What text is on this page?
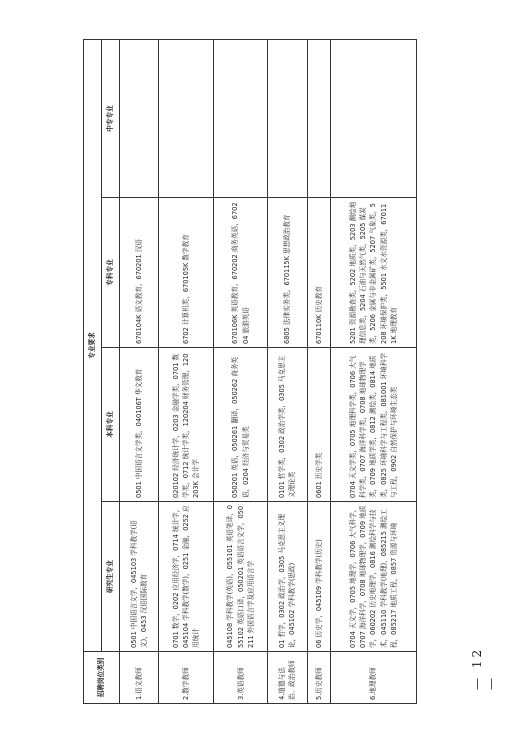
招聘岗位类别	专业要求			
	研究生专业	本科专业	专科专业	中专专业
1.语文教师	0501 中国语言文学，045103 学科教学(语文)，0453 汉语国际教育	0501 中国语言文学类，040106T 华文教育	670104K 语文教育，670201 汉语	
2.数学教师	0701 数学，0202 应用经济学，0714 统计学，045104 学科教学(数学)，0251 金融，0252 应用统计	020102 经济统计学，0203 金融学类，0701 数学类，0712 统计学类，120204 财务管理，120203K 会计学	6702 计算机类，670105K 数学教育	
3.英语教师	045108 学科教学(英语)，055101 英语笔译，055102 英语口译，050201 英语语言文学，050211 外国语言学及应用语言学	050201 英语，050261 翻译，050262 商务英语，0204 经济与贸易类	670106K 英语教育，670202 商务英语，670204 旅游英语	
4.道德与法治、政治教师	01 哲学，0302 政治学，0305 马克思主义理论，045102 学科教学(思政)	0101 哲学类，0302 政治学类，0305 马克思主义理论类	6805 法律实务类，670115K 思想政治教育	
5.历史教师	06 历史学，045109 学科教学(历史)	0601 历史学类	670110K 历史教育	
6.地理教师	0704 天文学，0705 地理学，0706 大气科学，0707 海洋科学，0708 地球物理学，0709 地质学，060202 历史地理学，0816 测绘科学与技术，045110 学科教学(地理)，085215 测绘工程，085217 地质工程，0857 资源与环境	0704 天文学类，0705 地理科学类，0706 大气科学类，0707 海洋科学类，0708 地球物理学类，0709 地质学类，0812 测绘类，0814 地质类，0825 环境科学与工程类，081001 环境科学与工程，0902 自然保护与环境生态类	5201 资源勘查类，5202 地质类，5203 测绘地理信息类，5204 石油与天然气类，5205 煤炭类，5206 金属与非金属矿类，5207 气象类，5208 环境保护类，5501 水文水资源类，670111K 地理教育	
— 12 —
